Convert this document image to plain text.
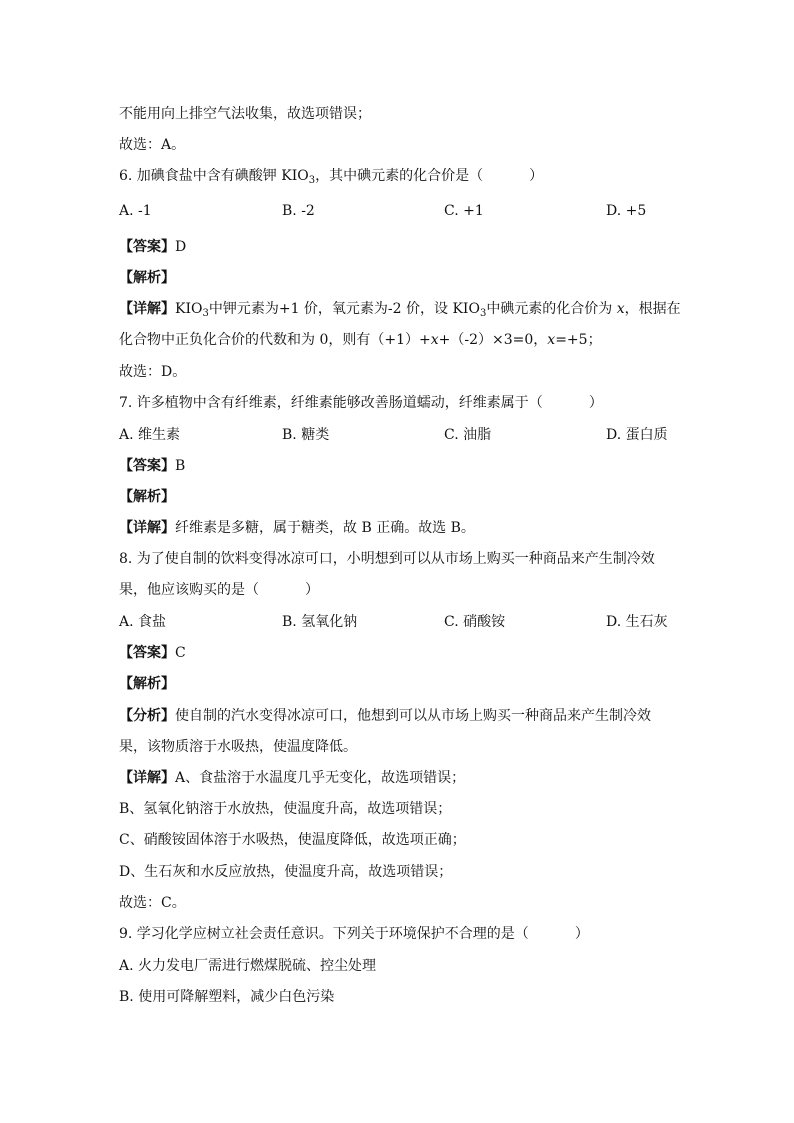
不能用向上排空气法收集，故选项错误；
故选：A。
6. 加碘食盐中含有碘酸钾 $KIO_3$，其中碘元素的化合价是（	）
A. -1	B. -2	C. +1	D. +5
【答案】D
【解析】
【详解】$KIO_3$中钾元素为+1 价，氧元素为-2 价，设 $KIO_3$中碘元素的化合价为 x，根据在
化合物中正负化合价的代数和为 0，则有（+1）+x+（-2）×3=0，x=+5；
故选：D。
7. 许多植物中含有纤维素，纤维素能够改善肠道蠕动，纤维素属于（	）
A. 维生素	B. 糖类	C. 油脂	D. 蛋白质
【答案】B
【解析】
【详解】纤维素是多糖，属于糖类，故 B 正确。故选 B。
8. 为了使自制的饮料变得冰凉可口，小明想到可以从市场上购买一种商品来产生制冷效
果，他应该购买的是（	）
A. 食盐	B. 氢氧化钠	C. 硝酸铵	D. 生石灰
【答案】C
【解析】
【分析】使自制的汽水变得冰凉可口，他想到可以从市场上购买一种商品来产生制冷效
果，该物质溶于水吸热，使温度降低。
【详解】A、食盐溶于水温度几乎无变化，故选项错误；
B、氢氧化钠溶于水放热，使温度升高，故选项错误；
C、硝酸铵固体溶于水吸热，使温度降低，故选项正确；
D、生石灰和水反应放热，使温度升高，故选项错误；
故选：C。
9. 学习化学应树立社会责任意识。下列关于环境保护不合理的是（	）
A. 火力发电厂需进行燃煤脱硫、控尘处理
B. 使用可降解塑料，减少白色污染
